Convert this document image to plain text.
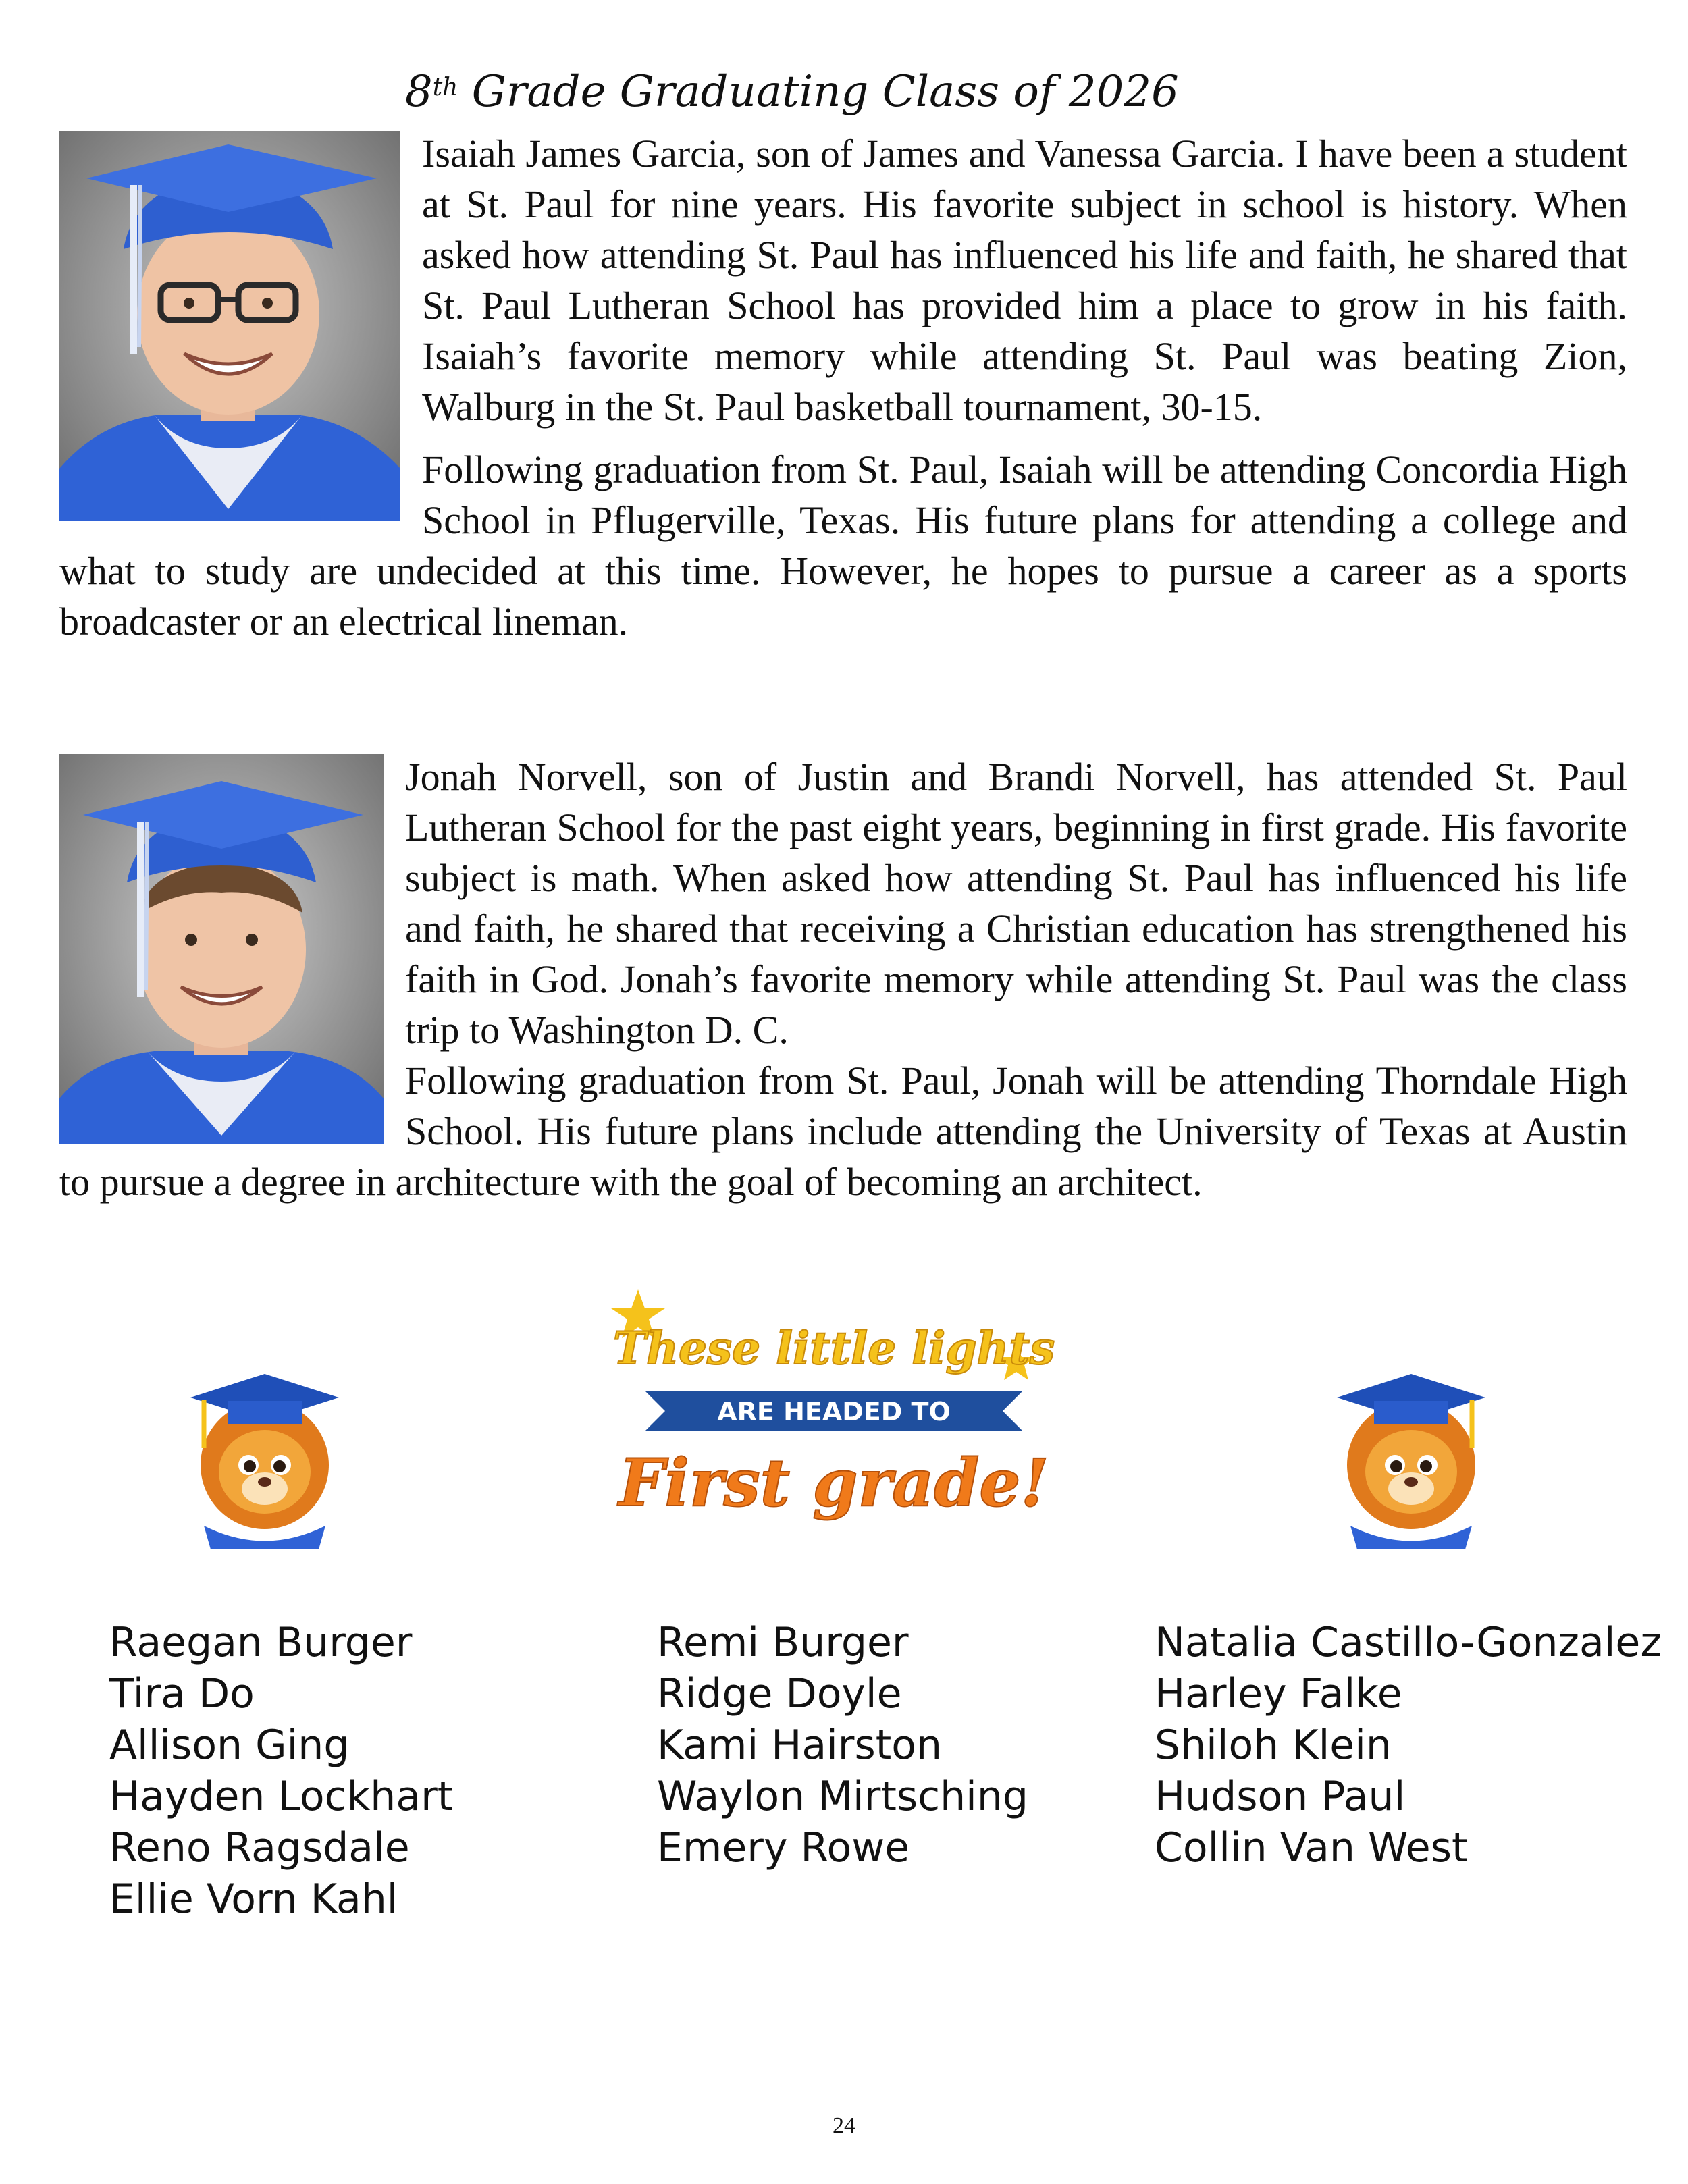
8th Grade Graduating Class of 2026

Isaiah James Garcia, son of James and Vanessa Garcia. I have been a student at St. Paul for nine years. His favorite subject in school is history. When asked how attending St. Paul has influenced his life and faith, he shared that St. Paul Lutheran School has provided him a place to grow in his faith. Isaiah’s favorite memory while attending St. Paul was beating Zion, Walburg in the St. Paul basketball tournament, 30-15.

Following graduation from St. Paul, Isaiah will be attending Concordia High School in Pflugerville, Texas. His future plans for attending a college and what to study are undecided at this time. However, he hopes to pursue a career as a sports broadcaster or an electrical lineman.

Jonah Norvell, son of Justin and Brandi Norvell, has attended St. Paul Lutheran School for the past eight years, beginning in first grade. His favorite subject is math. When asked how attending St. Paul has influenced his life and faith, he shared that receiving a Christian education has strengthened his faith in God. Jonah’s favorite memory while attending St. Paul was the class trip to Washington D. C.

Following graduation from St. Paul, Jonah will be attending Thorndale High School. His future plans include attending the University of Texas at Austin to pursue a degree in architecture with the goal of becoming an architect.

These little lights
ARE HEADED TO
First grade!
Raegan Burger
Tira Do
Allison Ging
Hayden Lockhart
Reno Ragsdale
Ellie Vorn Kahl
Remi Burger
Ridge Doyle
Kami Hairston
Waylon Mirtsching
Emery Rowe
Natalia Castillo-Gonzalez
Harley Falke
Shiloh Klein
Hudson Paul
Collin Van West
24
